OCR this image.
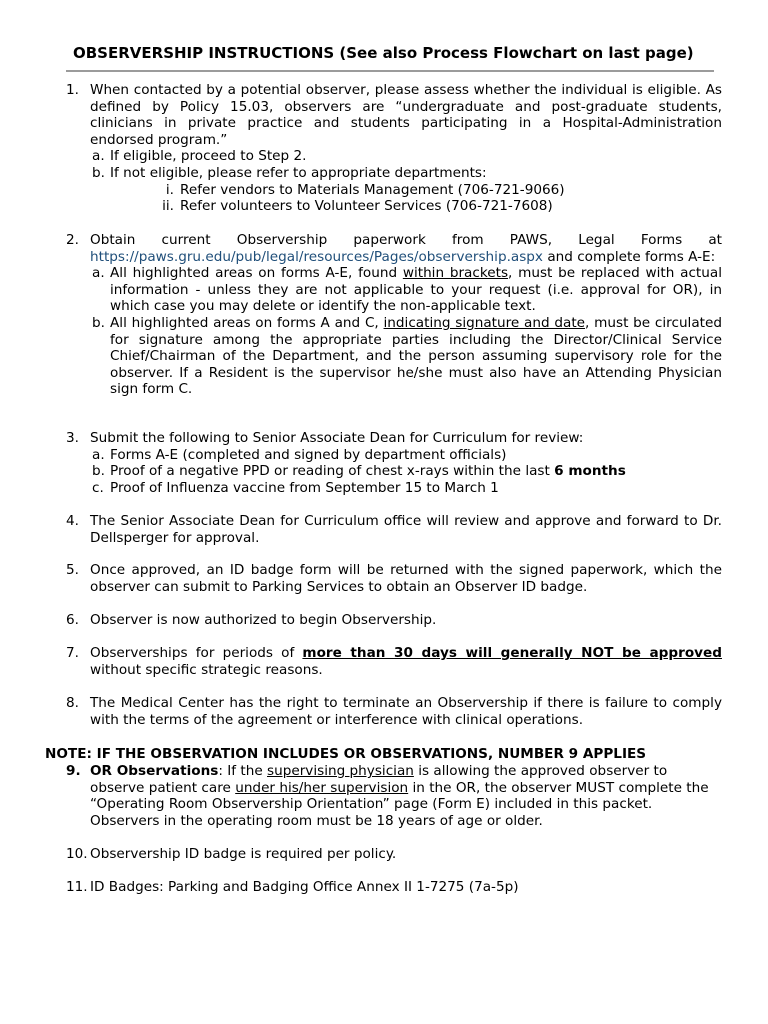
OBSERVERSHIP INSTRUCTIONS (See also Process Flowchart on last page)
1. When contacted by a potential observer, please assess whether the individual is eligible. As defined by Policy 15.03, observers are “undergraduate and post-graduate students, clinicians in private practice and students participating in a Hospital-Administration endorsed program.”
a. If eligible, proceed to Step 2.
b. If not eligible, please refer to appropriate departments:
i. Refer vendors to Materials Management (706-721-9066)
ii. Refer volunteers to Volunteer Services (706-721-7608)
2. Obtain current Observership paperwork from PAWS, Legal Forms at https://paws.gru.edu/pub/legal/resources/Pages/observership.aspx and complete forms A-E:
a. All highlighted areas on forms A-E, found within brackets, must be replaced with actual information - unless they are not applicable to your request (i.e. approval for OR), in which case you may delete or identify the non-applicable text.
b. All highlighted areas on forms A and C, indicating signature and date, must be circulated for signature among the appropriate parties including the Director/Clinical Service Chief/Chairman of the Department, and the person assuming supervisory role for the observer. If a Resident is the supervisor he/she must also have an Attending Physician sign form C.
3. Submit the following to Senior Associate Dean for Curriculum for review:
a. Forms A-E (completed and signed by department officials)
b. Proof of a negative PPD or reading of chest x-rays within the last 6 months
c. Proof of Influenza vaccine from September 15 to March 1
4. The Senior Associate Dean for Curriculum office will review and approve and forward to Dr. Dellsperger for approval.
5. Once approved, an ID badge form will be returned with the signed paperwork, which the observer can submit to Parking Services to obtain an Observer ID badge.
6. Observer is now authorized to begin Observership.
7. Observerships for periods of more than 30 days will generally NOT be approved without specific strategic reasons.
8. The Medical Center has the right to terminate an Observership if there is failure to comply with the terms of the agreement or interference with clinical operations.
NOTE: IF THE OBSERVATION INCLUDES OR OBSERVATIONS, NUMBER 9 APPLIES
9. OR Observations: If the supervising physician is allowing the approved observer to observe patient care under his/her supervision in the OR, the observer MUST complete the “Operating Room Observership Orientation” page (Form E) included in this packet. Observers in the operating room must be 18 years of age or older.
10. Observership ID badge is required per policy.
11. ID Badges: Parking and Badging Office Annex II 1-7275 (7a-5p)
